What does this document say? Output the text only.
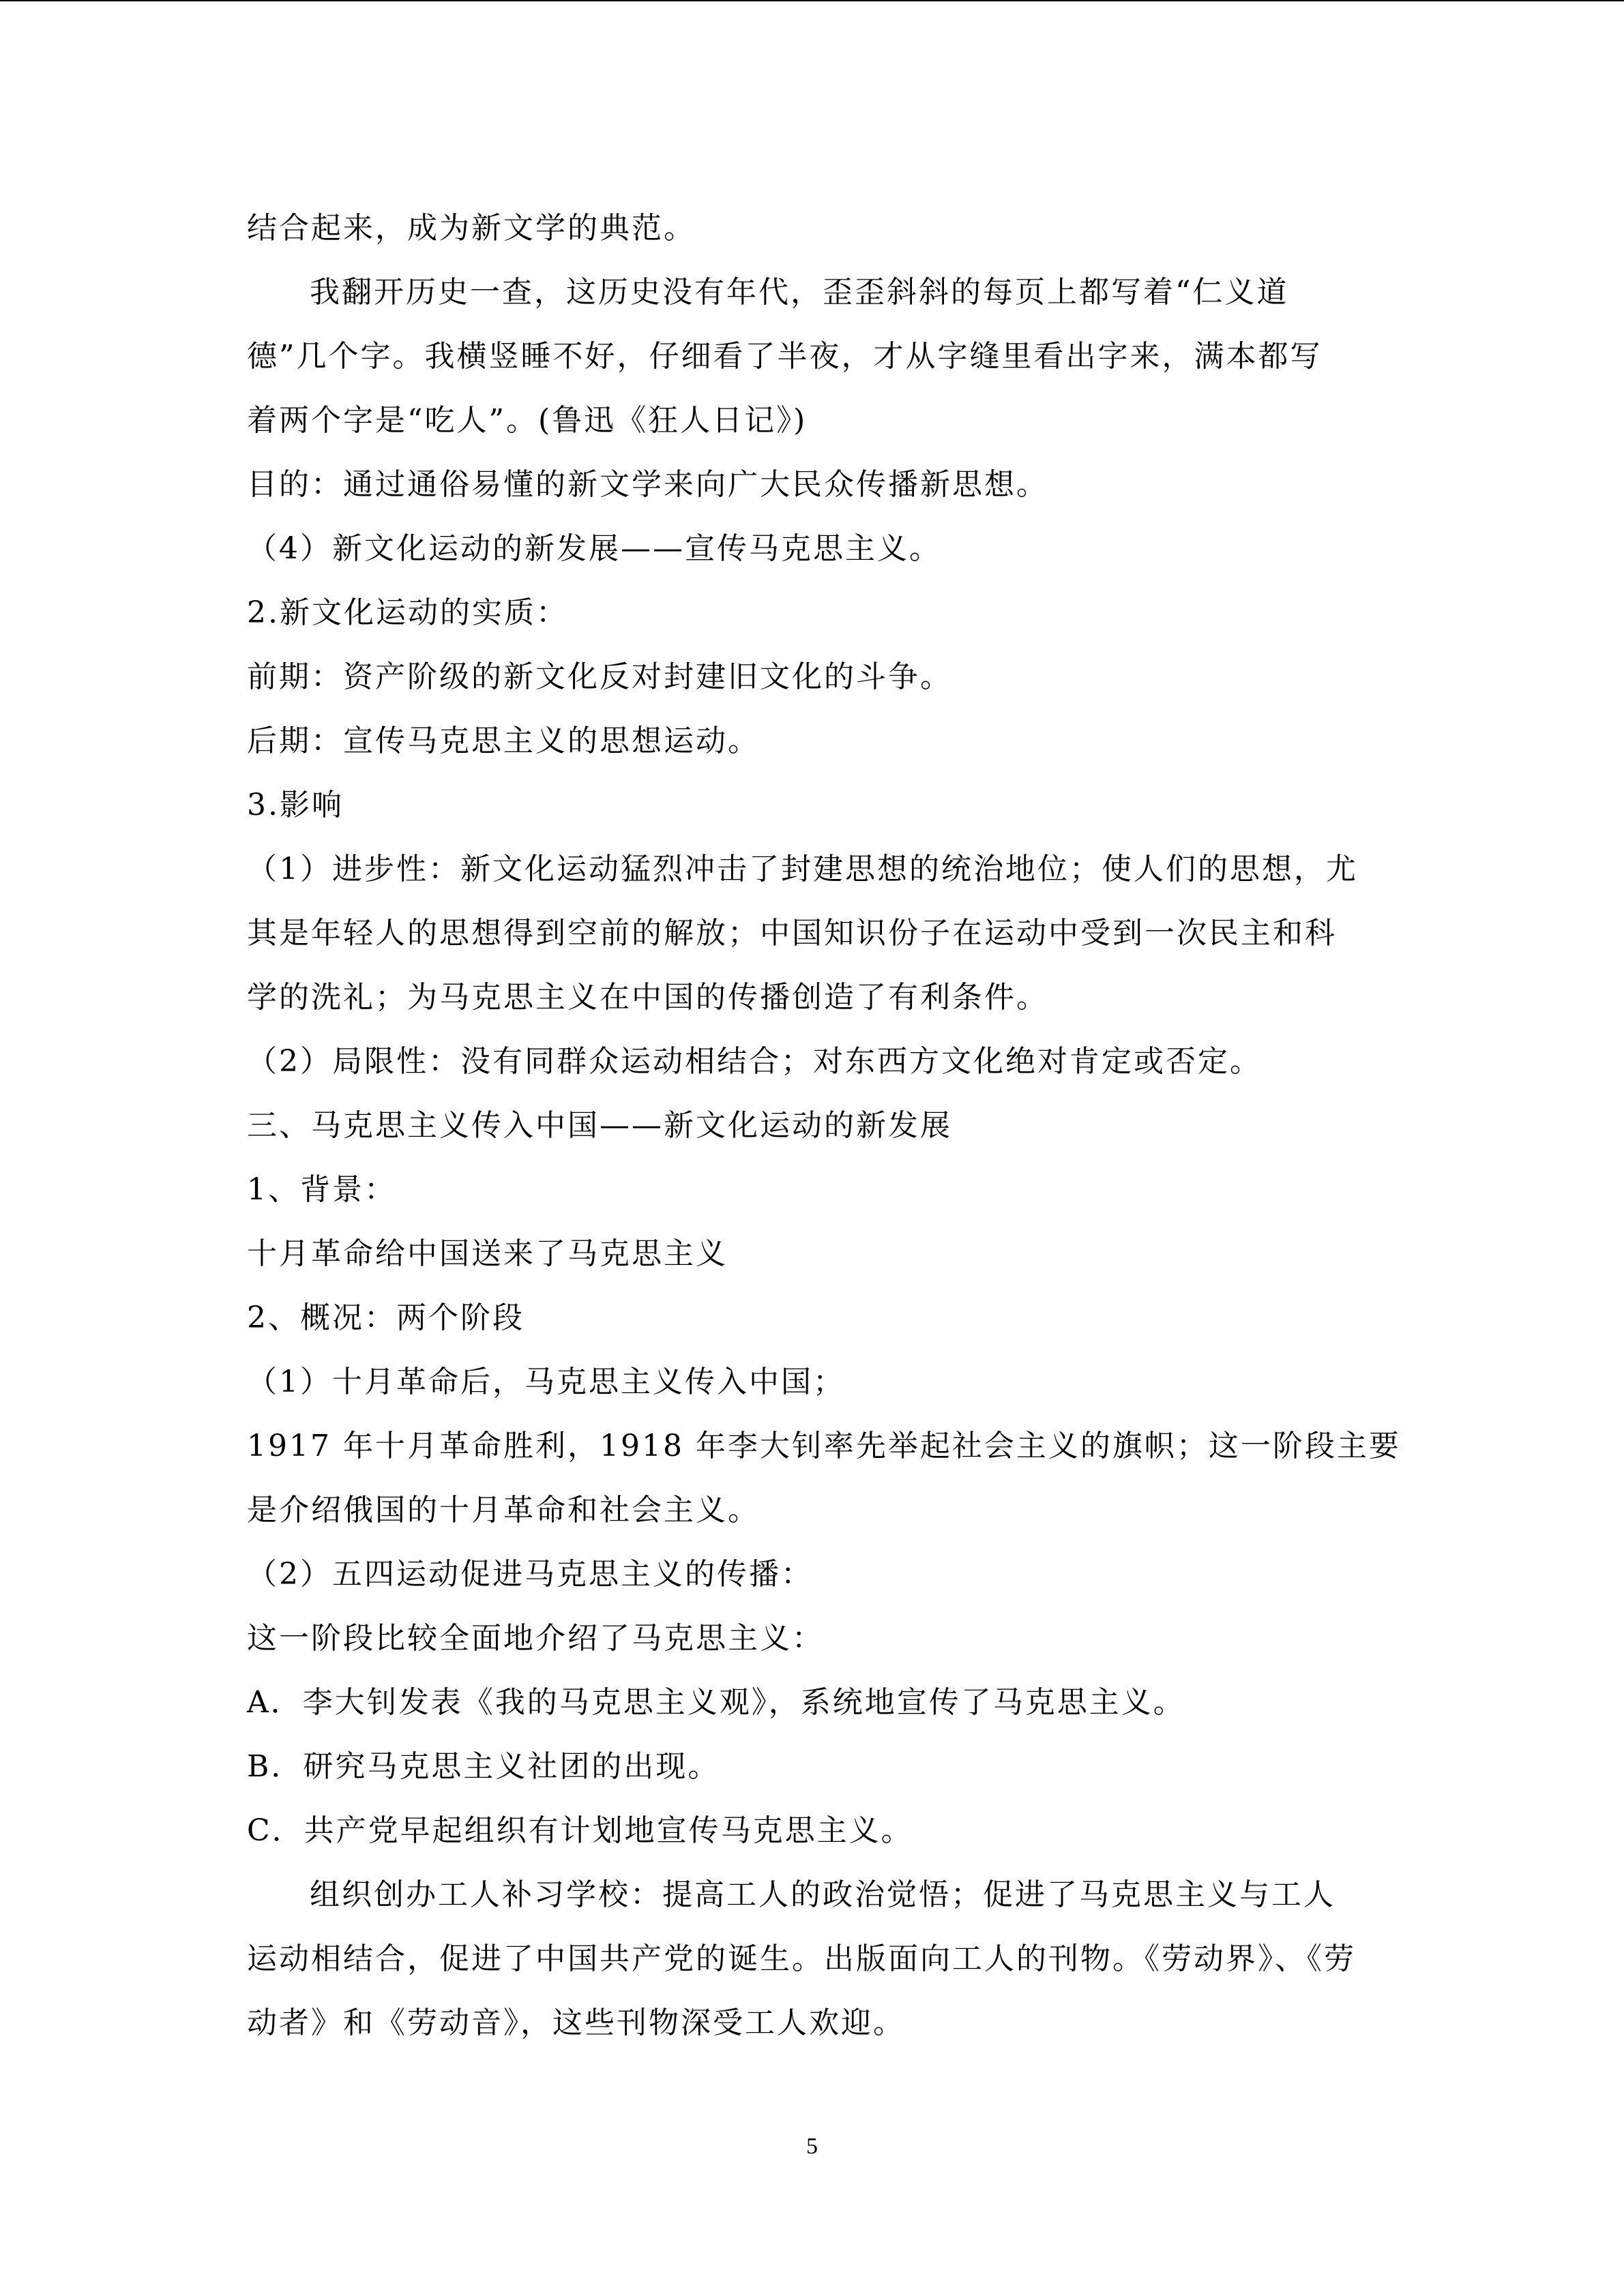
结合起来，成为新文学的典范。
我翻开历史一查，这历史没有年代，歪歪斜斜的每页上都写着“仁义道
德”几个字。我横竖睡不好，仔细看了半夜，才从字缝里看出字来，满本都写
着两个字是“吃人”。(鲁迅《狂人日记》)
目的：通过通俗易懂的新文学来向广大民众传播新思想。
（4）新文化运动的新发展——宣传马克思主义。
2.新文化运动的实质：
前期：资产阶级的新文化反对封建旧文化的斗争。
后期：宣传马克思主义的思想运动。
3.影响
（1）进步性：新文化运动猛烈冲击了封建思想的统治地位；使人们的思想，尤
其是年轻人的思想得到空前的解放；中国知识份子在运动中受到一次民主和科
学的洗礼；为马克思主义在中国的传播创造了有利条件。
（2）局限性：没有同群众运动相结合；对东西方文化绝对肯定或否定。
三、马克思主义传入中国——新文化运动的新发展
1、背景：
十月革命给中国送来了马克思主义
2、概况：两个阶段
（1）十月革命后，马克思主义传入中国；
1917 年十月革命胜利，1918 年李大钊率先举起社会主义的旗帜；这一阶段主要
是介绍俄国的十月革命和社会主义。
（2）五四运动促进马克思主义的传播：
这一阶段比较全面地介绍了马克思主义：
A．李大钊发表《我的马克思主义观》，系统地宣传了马克思主义。
B．研究马克思主义社团的出现。
C．共产党早起组织有计划地宣传马克思主义。
组织创办工人补习学校：提高工人的政治觉悟；促进了马克思主义与工人
运动相结合，促进了中国共产党的诞生。出版面向工人的刊物。《劳动界》、《劳
动者》和《劳动音》，这些刊物深受工人欢迎。
5
